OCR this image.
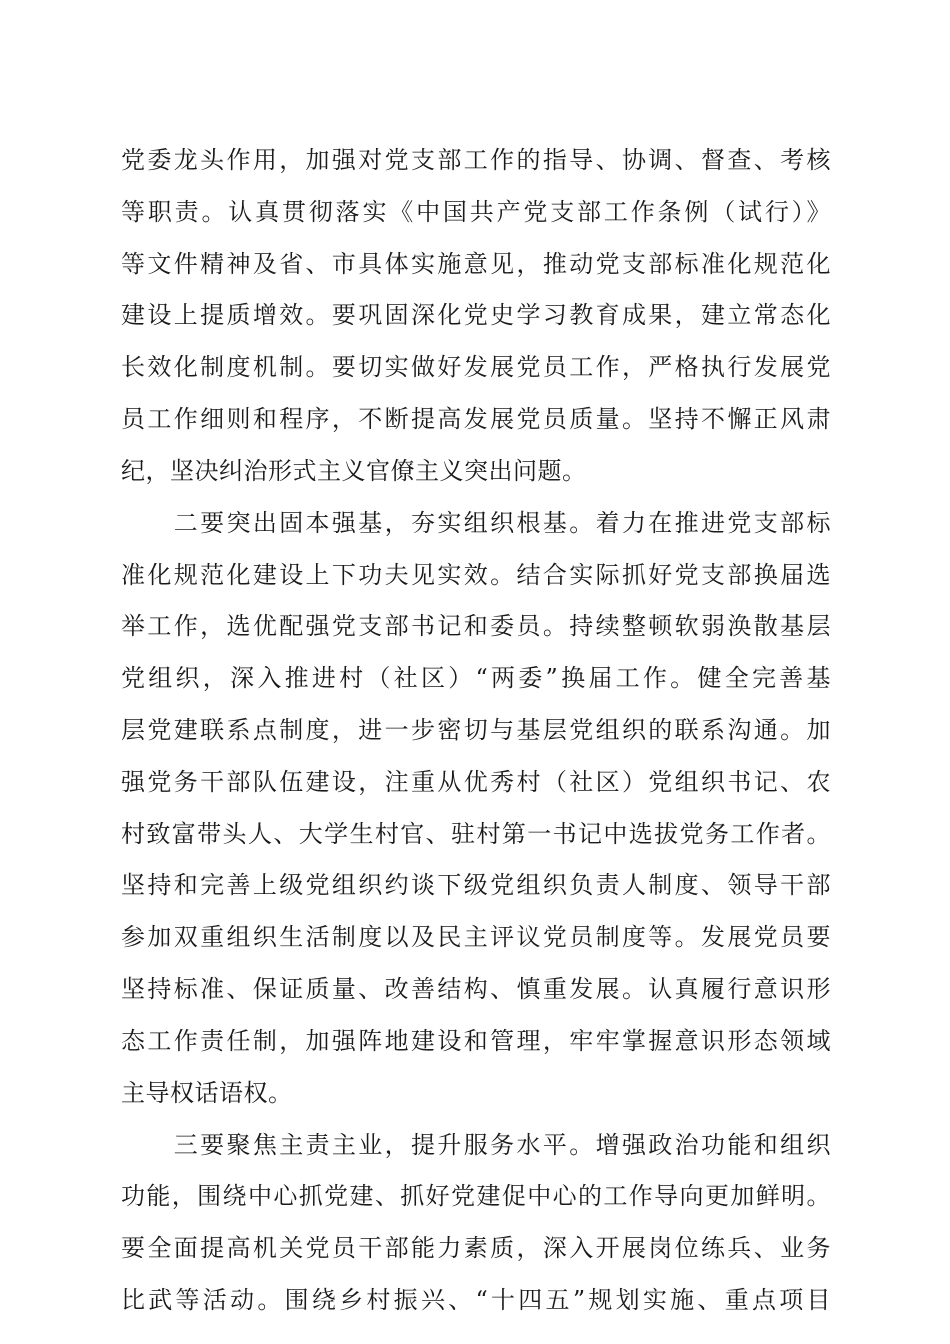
党委龙头作用，加强对党支部工作的指导、协调、督查、考核
等职责。认真贯彻落实《中国共产党支部工作条例（试行）》
等文件精神及省、市具体实施意见，推动党支部标准化规范化
建设上提质增效。要巩固深化党史学习教育成果，建立常态化
长效化制度机制。要切实做好发展党员工作，严格执行发展党
员工作细则和程序，不断提高发展党员质量。坚持不懈正风肃
纪，坚决纠治形式主义官僚主义突出问题。
　　二要突出固本强基，夯实组织根基。着力在推进党支部标
准化规范化建设上下功夫见实效。结合实际抓好党支部换届选
举工作，选优配强党支部书记和委员。持续整顿软弱涣散基层
党组织，深入推进村（社区）“两委”换届工作。健全完善基
层党建联系点制度，进一步密切与基层党组织的联系沟通。加
强党务干部队伍建设，注重从优秀村（社区）党组织书记、农
村致富带头人、大学生村官、驻村第一书记中选拔党务工作者。
坚持和完善上级党组织约谈下级党组织负责人制度、领导干部
参加双重组织生活制度以及民主评议党员制度等。发展党员要
坚持标准、保证质量、改善结构、慎重发展。认真履行意识形
态工作责任制，加强阵地建设和管理，牢牢掌握意识形态领域
主导权话语权。
　　三要聚焦主责主业，提升服务水平。增强政治功能和组织
功能，围绕中心抓党建、抓好党建促中心的工作导向更加鲜明。
要全面提高机关党员干部能力素质，深入开展岗位练兵、业务
比武等活动。围绕乡村振兴、“十四五”规划实施、重点项目
